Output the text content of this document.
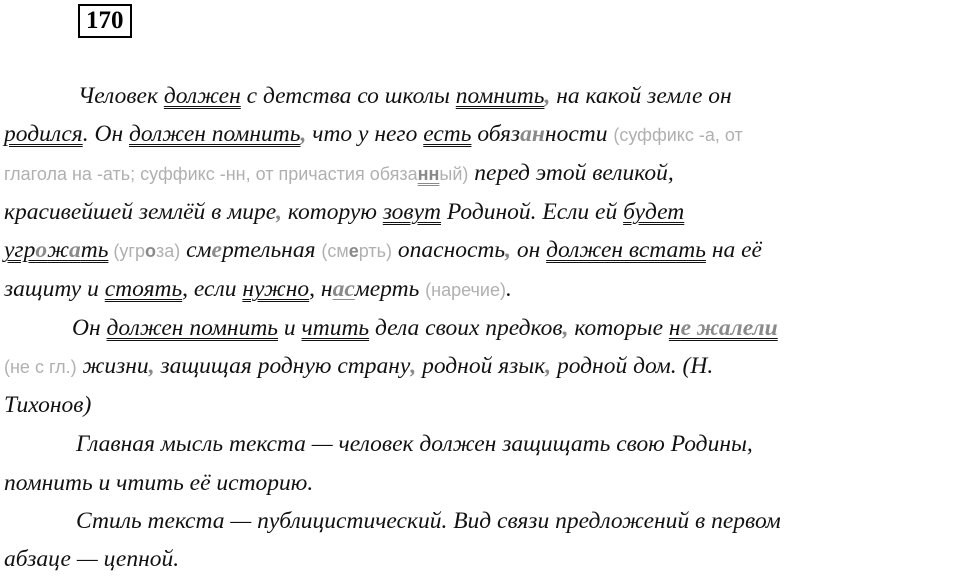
170
Человек должен с детства со школы помнить, на какой земле он
родился. Он должен помнить, что у него есть обязанности (суффикс -а, от
глагола на -ать; суффикс -нн, от причастия обязанный) перед этой великой,
красивейшей землёй в мире, которую зовут Родиной. Если ей будет
угрожать (угроза) смертельная (смерть) опасность, он должен встать на её
защиту и стоять, если нужно, насмерть (наречие).
Он должен помнить и чтить дела своих предков, которые не жалели
(не с гл.) жизни, защищая родную страну, родной язык, родной дом. (Н.
Тихонов)
Главная мысль текста — человек должен защищать свою Родины,
помнить и чтить её историю.
Стиль текста — публицистический. Вид связи предложений в первом
абзаце — цепной.
